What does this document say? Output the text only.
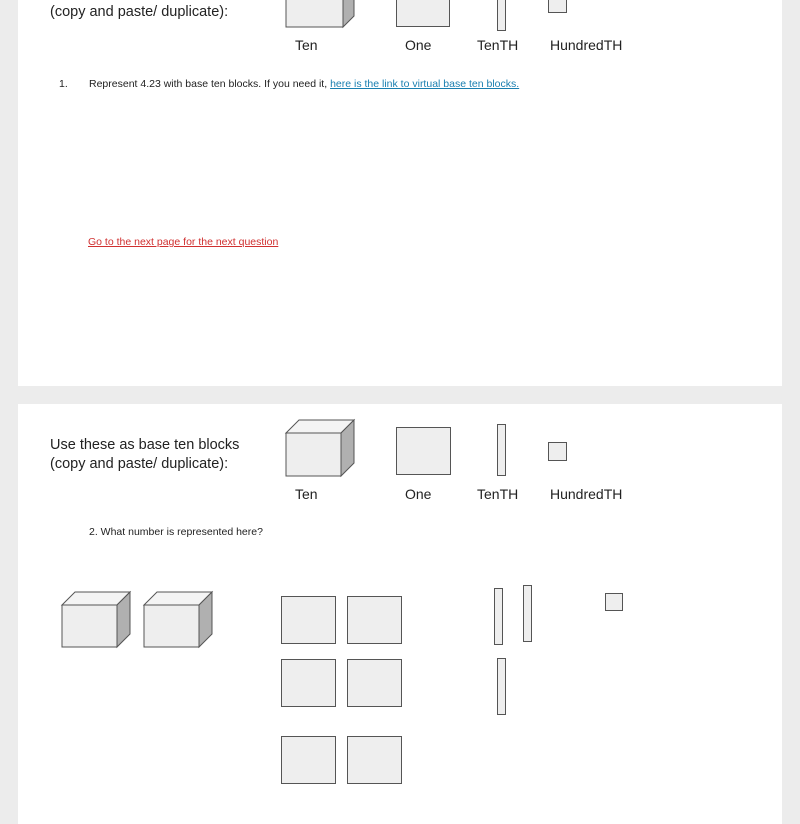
(copy and paste/ duplicate):
Ten	One	TenTH HundredTH
1. Represent 4.23 with base ten blocks. If you need it, here is the link to virtual base ten blocks.
Go to the next page for the next question
Use these as base ten blocks
(copy and paste/ duplicate):
Ten	One	TenTH HundredTH
2. What number is represented here?
